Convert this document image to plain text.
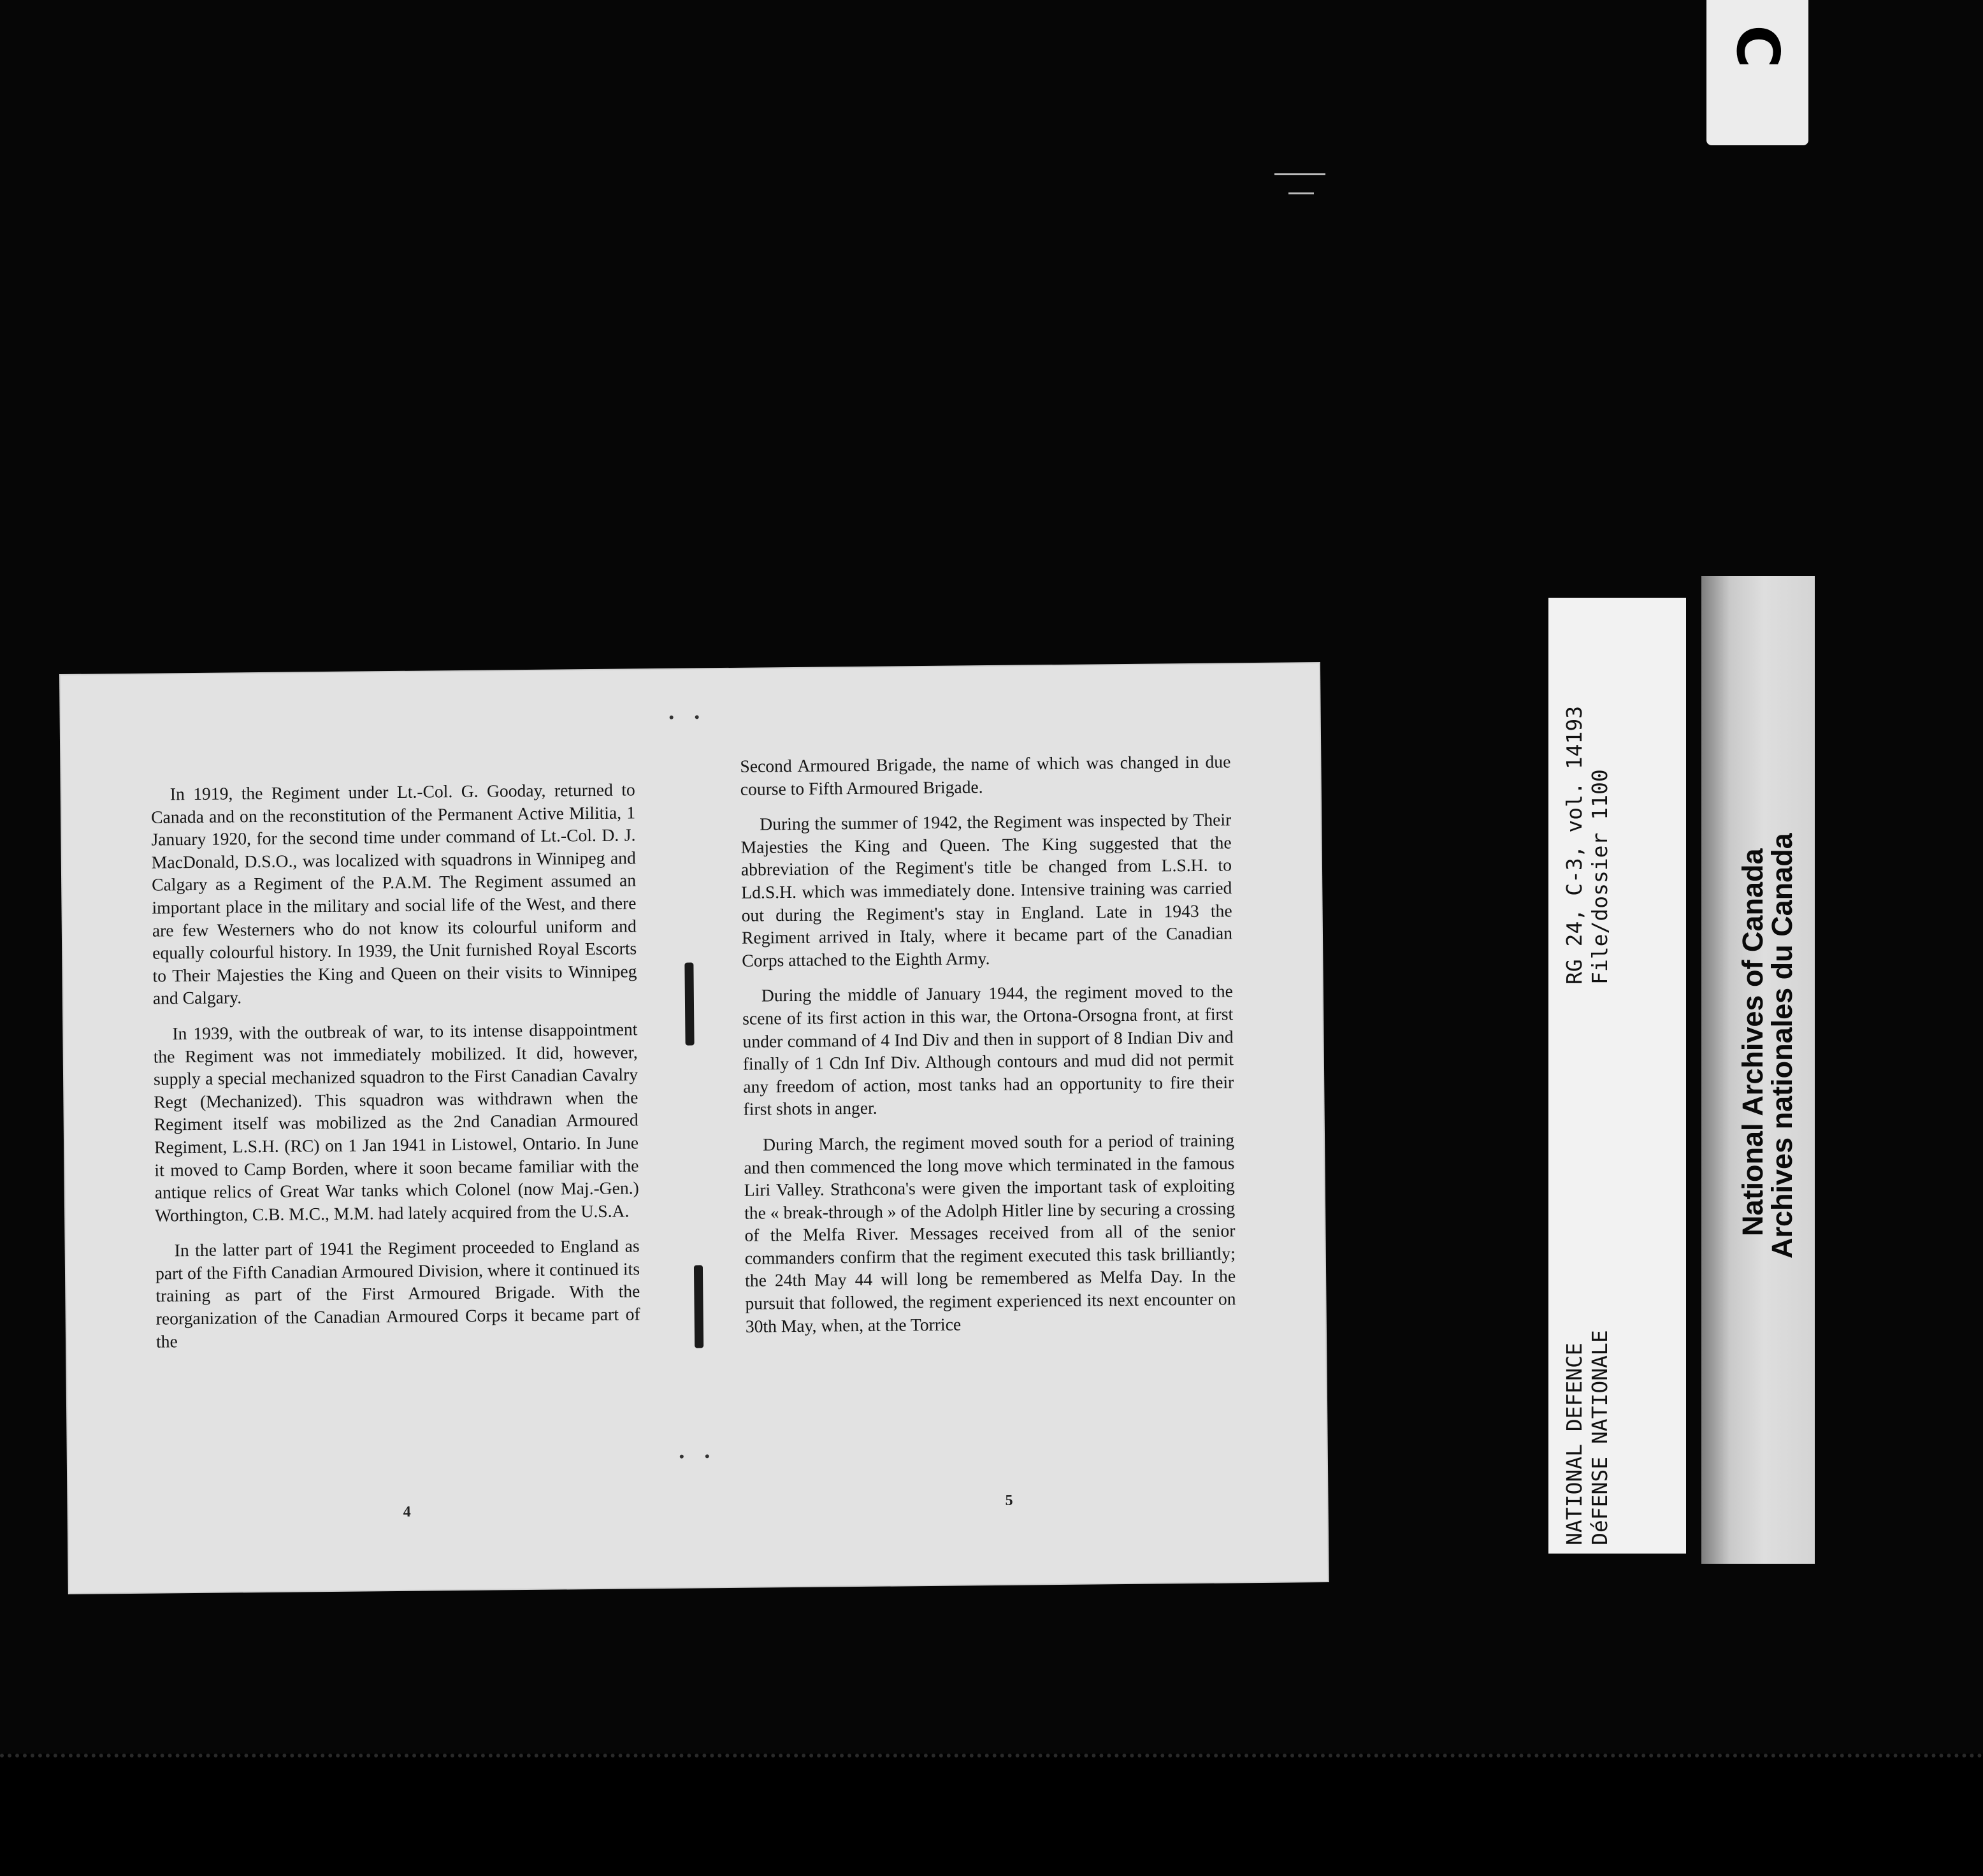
C

In 1919, the Regiment under Lt.-Col. G. Gooday, returned to Canada and on the reconstitution of the Permanent Active Militia, 1 January 1920, for the second time under command of Lt.-Col. D. J. MacDonald, D.S.O., was localized with squadrons in Winnipeg and Calgary as a Regiment of the P.A.M. The Regiment assumed an important place in the military and social life of the West, and there are few Westerners who do not know its colourful uniform and equally colourful history. In 1939, the Unit furnished Royal Escorts to Their Majesties the King and Queen on their visits to Winnipeg and Calgary.

In 1939, with the outbreak of war, to its intense disappointment the Regiment was not immediately mobilized. It did, however, supply a special mechanized squadron to the First Canadian Cavalry Regt (Mechanized). This squadron was withdrawn when the Regiment itself was mobilized as the 2nd Canadian Armoured Regiment, L.S.H. (RC) on 1 Jan 1941 in Listowel, Ontario. In June it moved to Camp Borden, where it soon became familiar with the antique relics of Great War tanks which Colonel (now Maj.-Gen.) Worthington, C.B. M.C., M.M. had lately acquired from the U.S.A.

In the latter part of 1941 the Regiment proceeded to England as part of the Fifth Canadian Armoured Division, where it continued its training as part of the First Armoured Brigade. With the reorganization of the Canadian Armoured Corps it became part of the

4

Second Armoured Brigade, the name of which was changed in due course to Fifth Armoured Brigade.

During the summer of 1942, the Regiment was inspected by Their Majesties the King and Queen. The King suggested that the abbreviation of the Regiment's title be changed from L.S.H. to Ld.S.H. which was immediately done. Intensive training was carried out during the Regiment's stay in England. Late in 1943 the Regiment arrived in Italy, where it became part of the Canadian Corps attached to the Eighth Army.

During the middle of January 1944, the regiment moved to the scene of its first action in this war, the Ortona-Orsogna front, at first under command of 4 Ind Div and then in support of 8 Indian Div and finally of 1 Cdn Inf Div. Although contours and mud did not permit any freedom of action, most tanks had an opportunity to fire their first shots in anger.

During March, the regiment moved south for a period of training and then commenced the long move which terminated in the famous Liri Valley. Strathcona's were given the important task of exploiting the « break-through » of the Adolph Hitler line by securing a crossing of the Melfa River. Messages received from all of the senior commanders confirm that the regiment executed this task brilliantly; the 24th May 44 will long be remembered as Melfa Day. In the pursuit that followed, the regiment experienced its next encounter on 30th May, when, at the Torrice

5
RG 24, C-3, vol. 14193 File/dossier 1100
NATIONAL DEFENCE DéFENSE NATIONALE
National Archives of Canada
Archives nationales du Canada
